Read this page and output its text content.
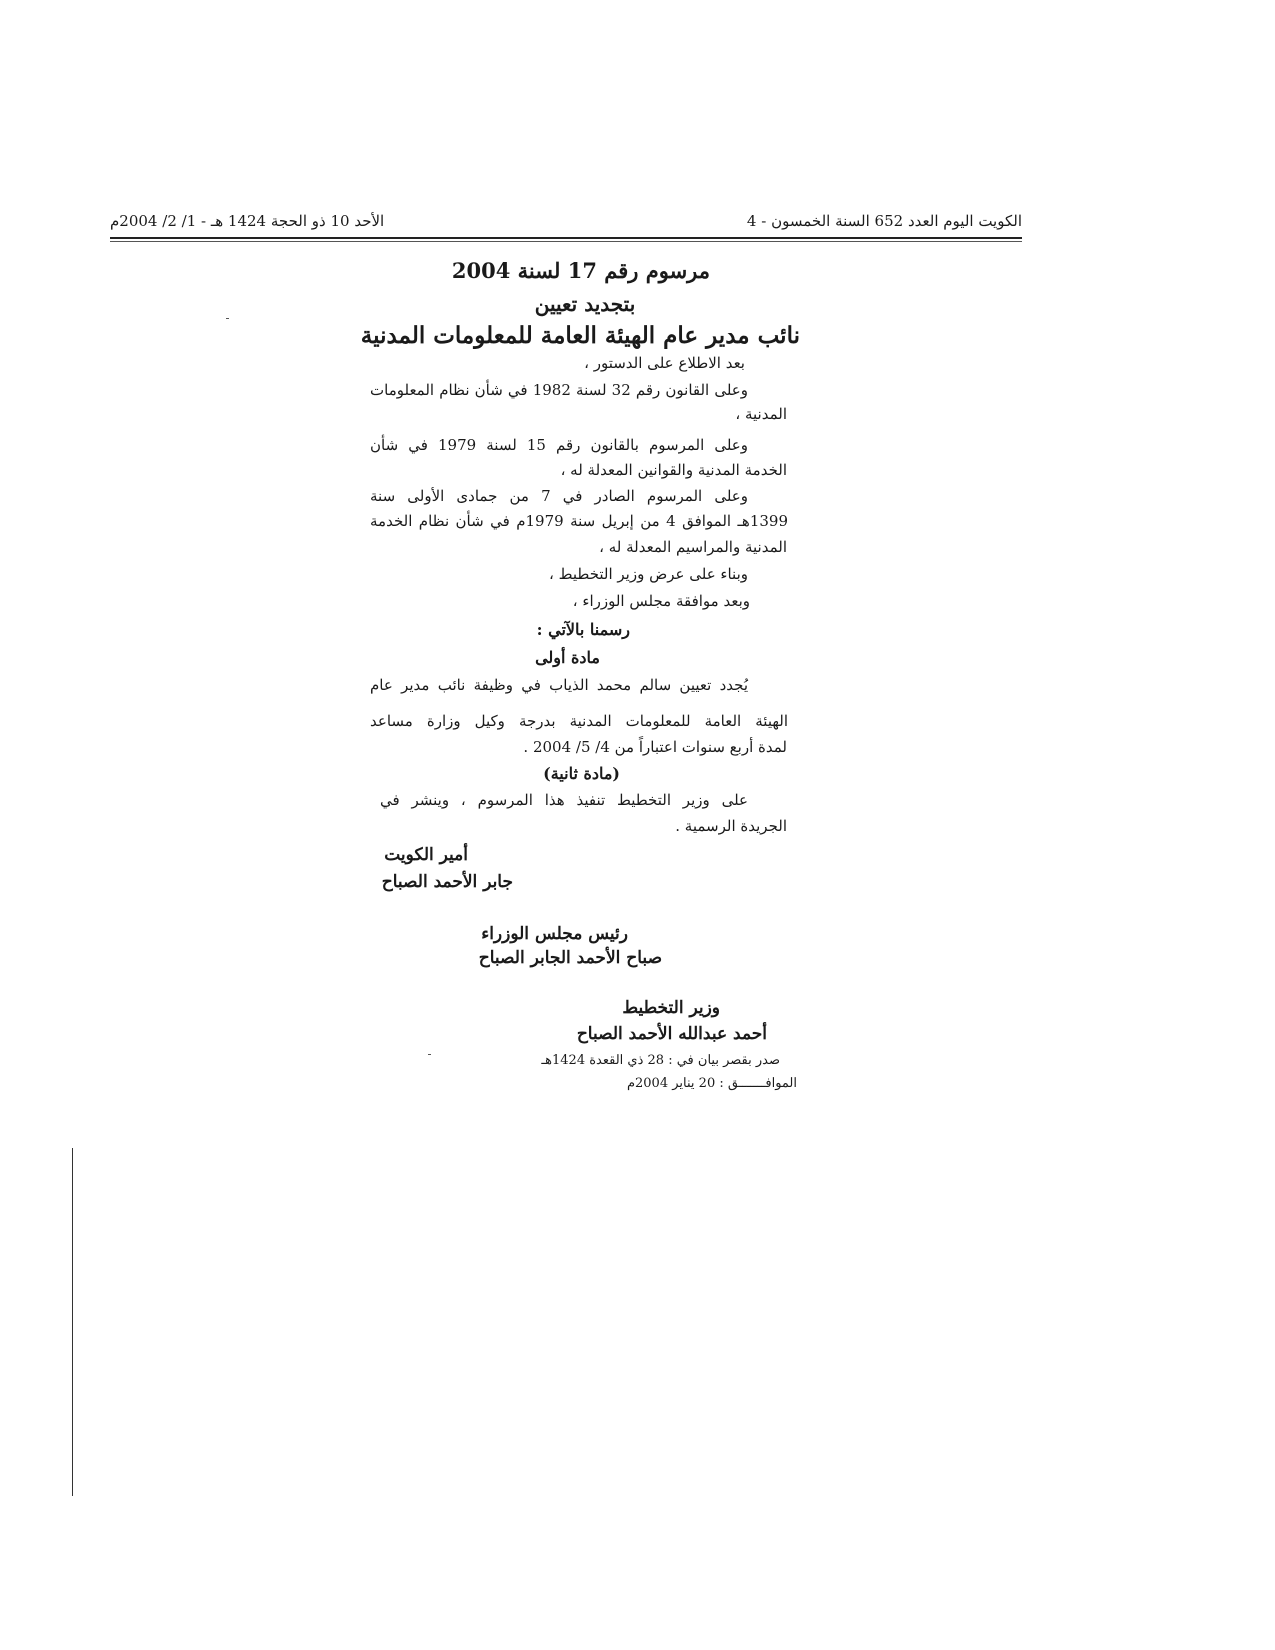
الكويت اليوم العدد 652 السنة الخمسون - 4
الأحد 10 ذو الحجة 1424 هـ - 1/ 2/ 2004م
مرسوم رقم 17 لسنة 2004
بتجديد تعيين
نائب مدير عام الهيئة العامة للمعلومات المدنية
بعد الاطلاع على الدستور ،
وعلى القانون رقم 32 لسنة 1982 في شأن نظام المعلومات
المدنية ،
وعلى المرسوم بالقانون رقم 15 لسنة 1979 في شأن
الخدمة المدنية والقوانين المعدلة له ،
وعلى المرسوم الصادر في 7 من جمادى الأولى سنة
1399هـ الموافق 4 من إبريل سنة 1979م في شأن نظام الخدمة
المدنية والمراسيم المعدلة له ،
وبناء على عرض وزير التخطيط ،
وبعد موافقة مجلس الوزراء ،
رسمنا بالآتي :
مادة أولى
يُجدد تعيين سالم محمد الذياب في وظيفة نائب مدير عام
الهيئة العامة للمعلومات المدنية بدرجة وكيل وزارة مساعد
لمدة أربع سنوات اعتباراً من 4/ 5/ 2004 .
(مادة ثانية)
على وزير التخطيط تنفيذ هذا المرسوم ، وينشر في
الجريدة الرسمية .
أمير الكويت
جابر الأحمد الصباح
رئيس مجلس الوزراء
صباح الأحمد الجابر الصباح
وزير التخطيط
أحمد عبدالله الأحمد الصباح
صدر بقصر بيان في : 28 ذي القعدة 1424هـ
الموافـــــــق : 20 يناير 2004م
